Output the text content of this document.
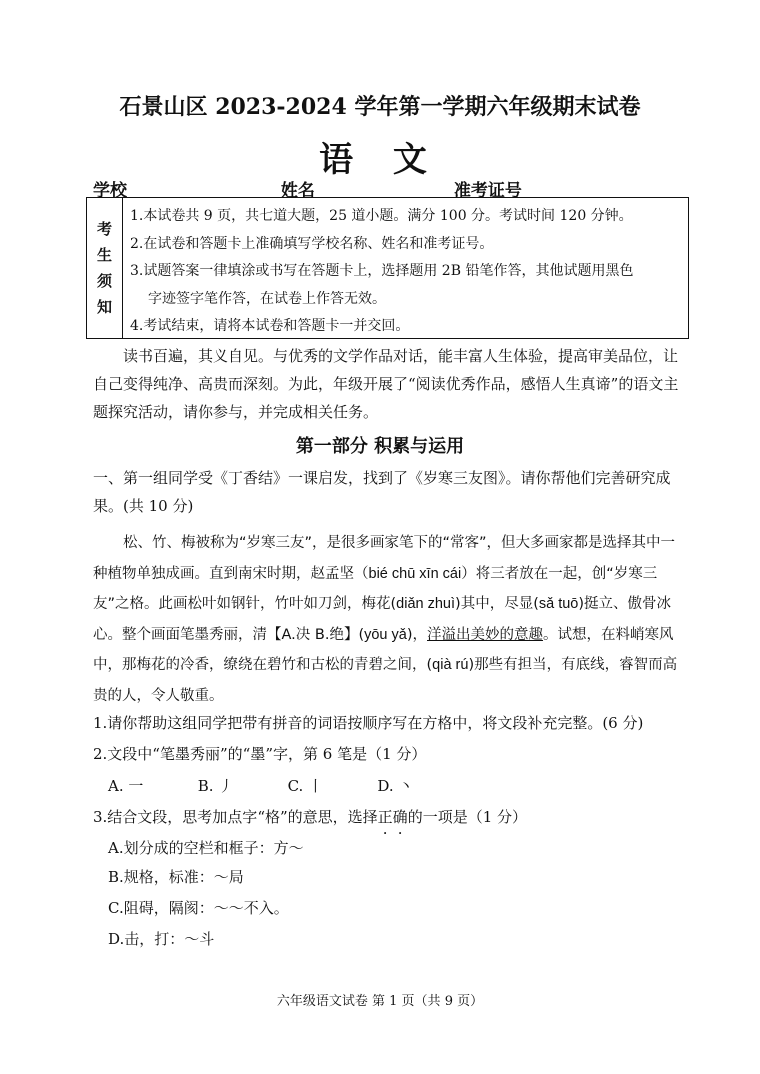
石景山区 2023-2024 学年第一学期六年级期末试卷
语 文
学校	姓名	准考证号
考
生
须
知
1.本试卷共 9 页，共七道大题，25 道小题。满分 100 分。考试时间 120 分钟。
2.在试卷和答题卡上准确填写学校名称、姓名和准考证号。
3.试题答案一律填涂或书写在答题卡上，选择题用 2B 铅笔作答，其他试题用黑色
字迹签字笔作答，在试卷上作答无效。
4.考试结束，请将本试卷和答题卡一并交回。
读书百遍，其义自见。与优秀的文学作品对话，能丰富人生体验，提高审美品位，让自己变得纯净、高贵而深刻。为此，年级开展了“阅读优秀作品，感悟人生真谛”的语文主题探究活动，请你参与，并完成相关任务。
第一部分 积累与运用
一、第一组同学受《丁香结》一课启发，找到了《岁寒三友图》。请你帮他们完善研究成果。(共 10 分)
松、竹、梅被称为“岁寒三友”，是很多画家笔下的“常客”，但大多画家都是选择其中一种植物单独成画。直到南宋时期，赵孟坚（bié chū xīn cái）将三者放在一起，创“岁寒三友”之格。此画松叶如钢针，竹叶如刀剑，梅花(diǎn zhuì)其中，尽显(sǎ tuō)挺立、傲骨冰心。整个画面笔墨秀丽，清【A.决 B.绝】(yōu yǎ)，洋溢出美妙的意趣。试想，在料峭寒风中，那梅花的冷香，缭绕在碧竹和古松的青碧之间，(qià rú)那些有担当，有底线，睿智而高贵的人，令人敬重。
1.请你帮助这组同学把带有拼音的词语按顺序写在方格中，将文段补充完整。(6 分)
2.文段中“笔墨秀丽”的“墨”字，第 6 笔是（1 分）
A. 一	B. 丿	C. 丨	D. 丶
3.结合文段，思考加点字“格”的意思，选择正确的一项是（1 分）
A.划分成的空栏和框子：方～
B.规格，标准：～局
C.阻碍，隔阂：～～不入。
D.击，打：～斗
六年级语文试卷 第 1 页（共 9 页）
